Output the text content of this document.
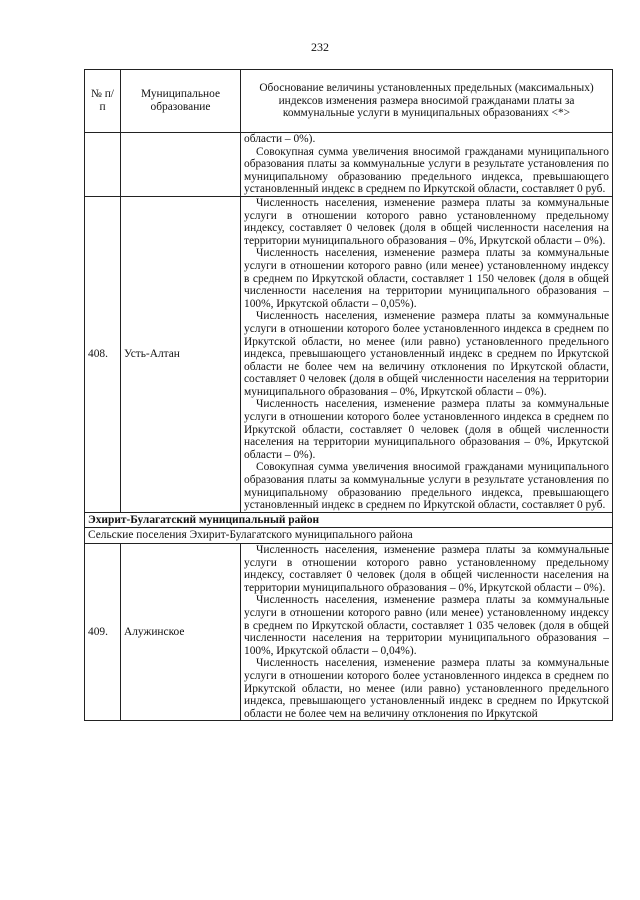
232
№ п/п	Муниципальное образование	Обоснование величины установленных предельных (максимальных) индексов изменения размера вносимой гражданами платы за коммунальные услуги в муниципальных образованиях <*>

		области – 0%).

Совокупная сумма увеличения вносимой гражданами муниципального образования платы за коммунальные услуги в результате установления по муниципальному образованию предельного индекса, превышающего установленный индекс в среднем по Иркутской области, составляет 0 руб.

408.	Усть-Алтан	Численность населения, изменение размера платы за коммунальные услуги в отношении которого равно установленному предельному индексу, составляет 0 человек (доля в общей численности населения на территории муниципального образования – 0%, Иркутской области – 0%).

Численность населения, изменение размера платы за коммунальные услуги в отношении которого равно (или менее) установленному индексу в среднем по Иркутской области, составляет 1 150 человек (доля в общей численности населения на территории муниципального образования – 100%, Иркутской области – 0,05%).

Численность населения, изменение размера платы за коммунальные услуги в отношении которого более установленного индекса в среднем по Иркутской области, но менее (или равно) установленного предельного индекса, превышающего установленный индекс в среднем по Иркутской области не более чем на величину отклонения по Иркутской области, составляет 0 человек (доля в общей численности населения на территории муниципального образования – 0%, Иркутской области – 0%).

Численность населения, изменение размера платы за коммунальные услуги в отношении которого более установленного индекса в среднем по Иркутской области, составляет 0 человек (доля в общей численности населения на территории муниципального образования – 0%, Иркутской области – 0%).

Совокупная сумма увеличения вносимой гражданами муниципального образования платы за коммунальные услуги в результате установления по муниципальному образованию предельного индекса, превышающего установленный индекс в среднем по Иркутской области, составляет 0 руб.

Эхирит-Булагатский муниципальный район		
Сельские поселения Эхирит-Булагатского муниципального района		
409.	Алужинское	Численность населения, изменение размера платы за коммунальные услуги в отношении которого равно установленному предельному индексу, составляет 0 человек (доля в общей численности населения на территории муниципального образования – 0%, Иркутской области – 0%).

Численность населения, изменение размера платы за коммунальные услуги в отношении которого равно (или менее) установленному индексу в среднем по Иркутской области, составляет 1 035 человек (доля в общей численности населения на территории муниципального образования – 100%, Иркутской области – 0,04%).

Численность населения, изменение размера платы за коммунальные услуги в отношении которого более установленного индекса в среднем по Иркутской области, но менее (или равно) установленного предельного индекса, превышающего установленный индекс в среднем по Иркутской области не более чем на величину отклонения по Иркутской
